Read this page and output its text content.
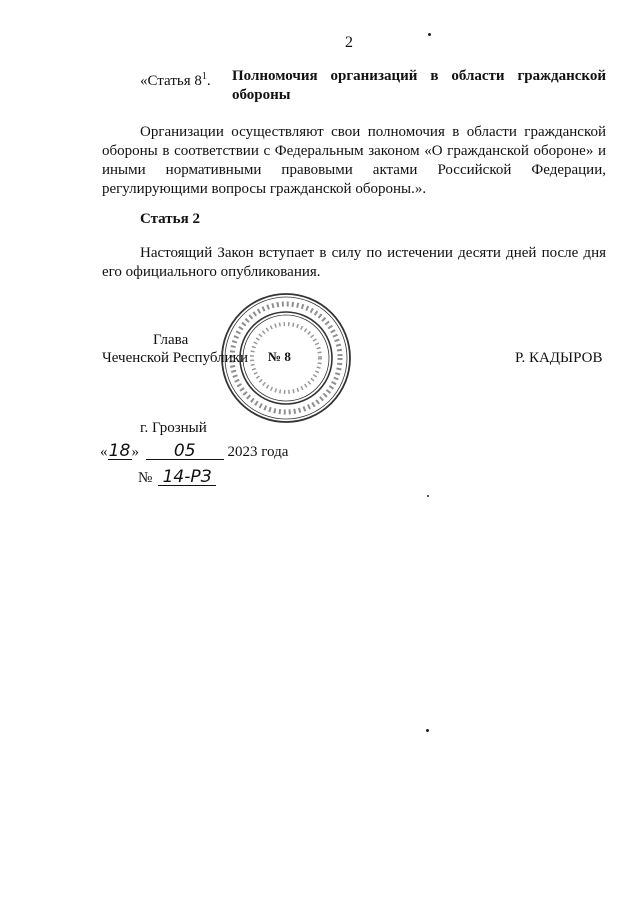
2
«Статья $8^1$. Полномочия организаций в области гражданской
обороны
Организации осуществляют свои полномочия в области гражданской
обороны в соответствии с Федеральным законом «О гражданской обороне» и
иными нормативными правовыми актами Российской Федерации,
регулирующими вопросы гражданской обороны.».
Статья 2
Настоящий Закон вступает в силу по истечении десяти дней после дня
его официального опубликования.
№ 8
Глава
Чеченской Республики	Р. КАДЫРОВ
г. Грозный
«18» 05 2023 года
№ 14-РЗ
